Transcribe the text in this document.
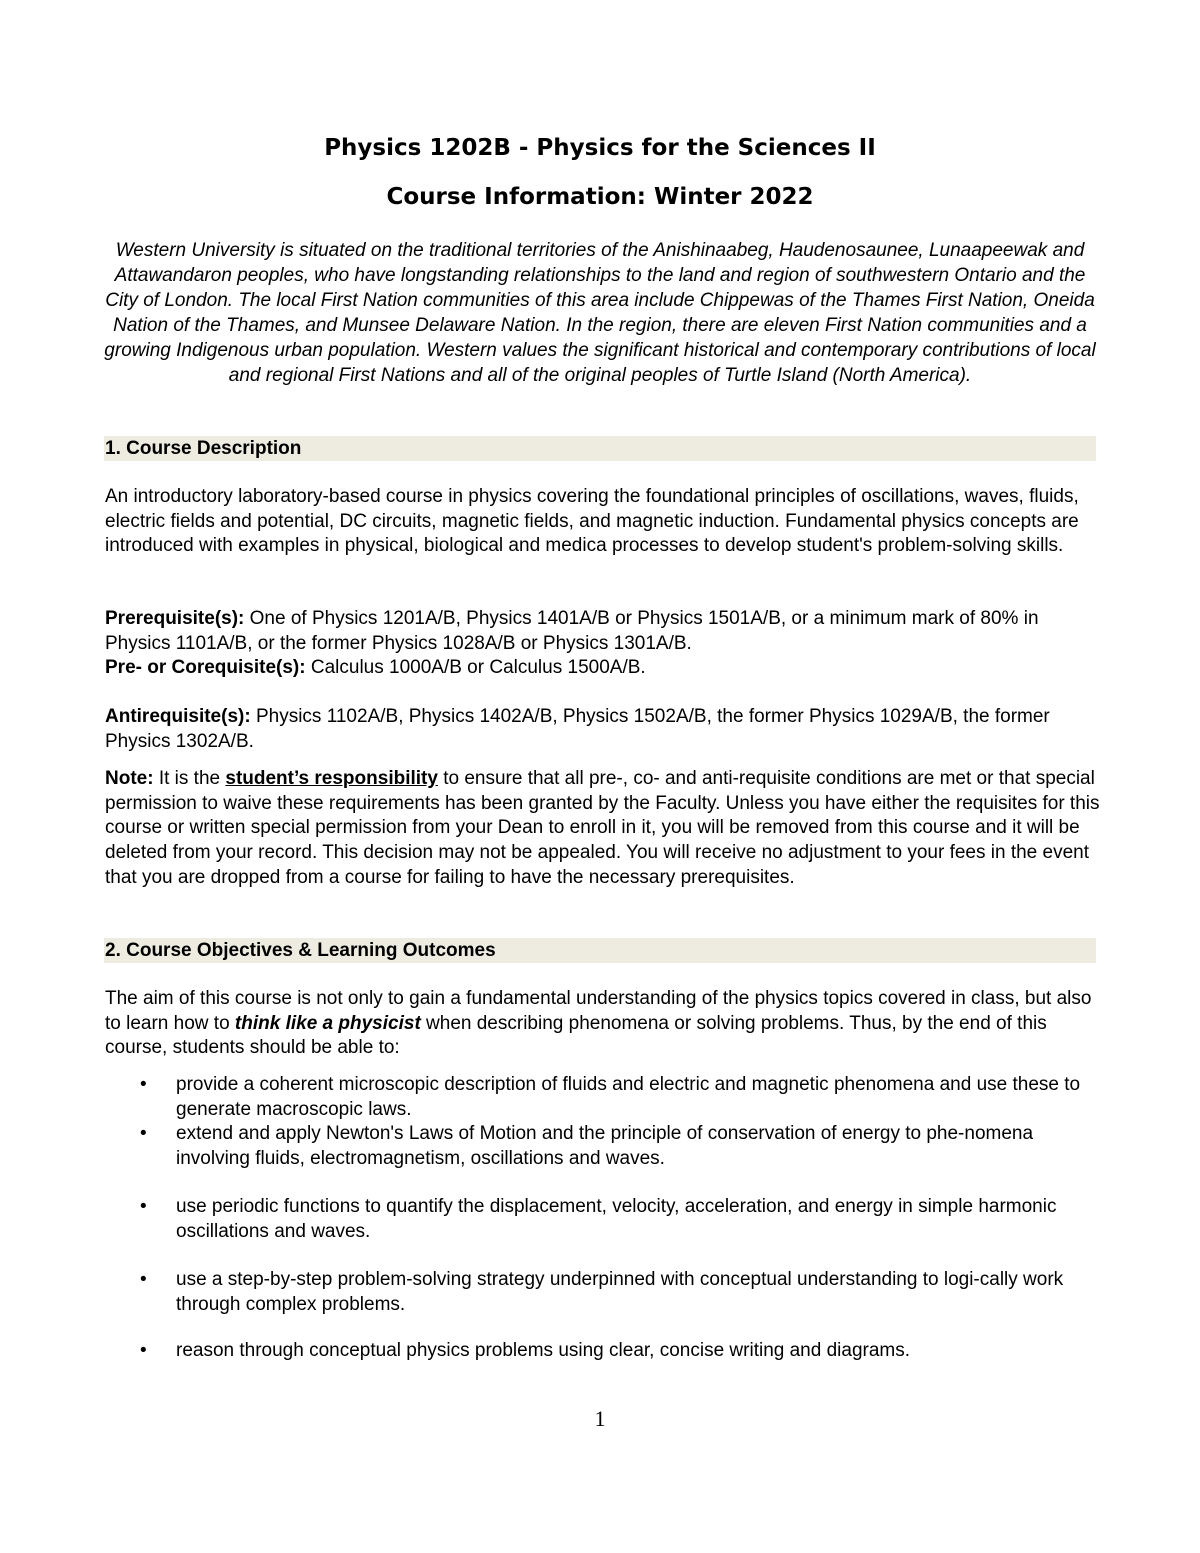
Physics 1202B - Physics for the Sciences II
Course Information: Winter 2022

Western University is situated on the traditional territories of the Anishinaabeg, Haudenosaunee, Lunaapeewak and Attawandaron peoples, who have longstanding relationships to the land and region of southwestern Ontario and the City of London. The local First Nation communities of this area include Chippewas of the Thames First Nation, Oneida Nation of the Thames, and Munsee Delaware Nation. In the region, there are eleven First Nation communities and a growing Indigenous urban population. Western values the significant historical and contemporary contributions of local and regional First Nations and all of the original peoples of Turtle Island (North America).

1. Course Description

An introductory laboratory-based course in physics covering the foundational principles of oscillations, waves, fluids, electric fields and potential, DC circuits, magnetic fields, and magnetic induction. Fundamental physics concepts are introduced with examples in physical, biological and medica processes to develop student's problem-solving skills.

Prerequisite(s): One of Physics 1201A/B, Physics 1401A/B or Physics 1501A/B, or a minimum mark of 80% in Physics 1101A/B, or the former Physics 1028A/B or Physics 1301A/B.
Pre- or Corequisite(s): Calculus 1000A/B or Calculus 1500A/B.

Antirequisite(s): Physics 1102A/B, Physics 1402A/B, Physics 1502A/B, the former Physics 1029A/B, the former Physics 1302A/B.

Note: It is the student’s responsibility to ensure that all pre-, co- and anti-requisite conditions are met or that special permission to waive these requirements has been granted by the Faculty. Unless you have either the requisites for this course or written special permission from your Dean to enroll in it, you will be removed from this course and it will be deleted from your record. This decision may not be appealed. You will receive no adjustment to your fees in the event that you are dropped from a course for failing to have the necessary prerequisites.

2. Course Objectives & Learning Outcomes

The aim of this course is not only to gain a fundamental understanding of the physics topics covered in class, but also to learn how to think like a physicist when describing phenomena or solving problems. Thus, by the end of this course, students should be able to:

• provide a coherent microscopic description of fluids and electric and magnetic phenomena and use these to generate macroscopic laws.
• extend and apply Newton's Laws of Motion and the principle of conservation of energy to phe-nomena involving fluids, electromagnetism, oscillations and waves.
• use periodic functions to quantify the displacement, velocity, acceleration, and energy in simple harmonic oscillations and waves.
• use a step-by-step problem-solving strategy underpinned with conceptual understanding to logi-cally work through complex problems.
• reason through conceptual physics problems using clear, concise writing and diagrams.
1
